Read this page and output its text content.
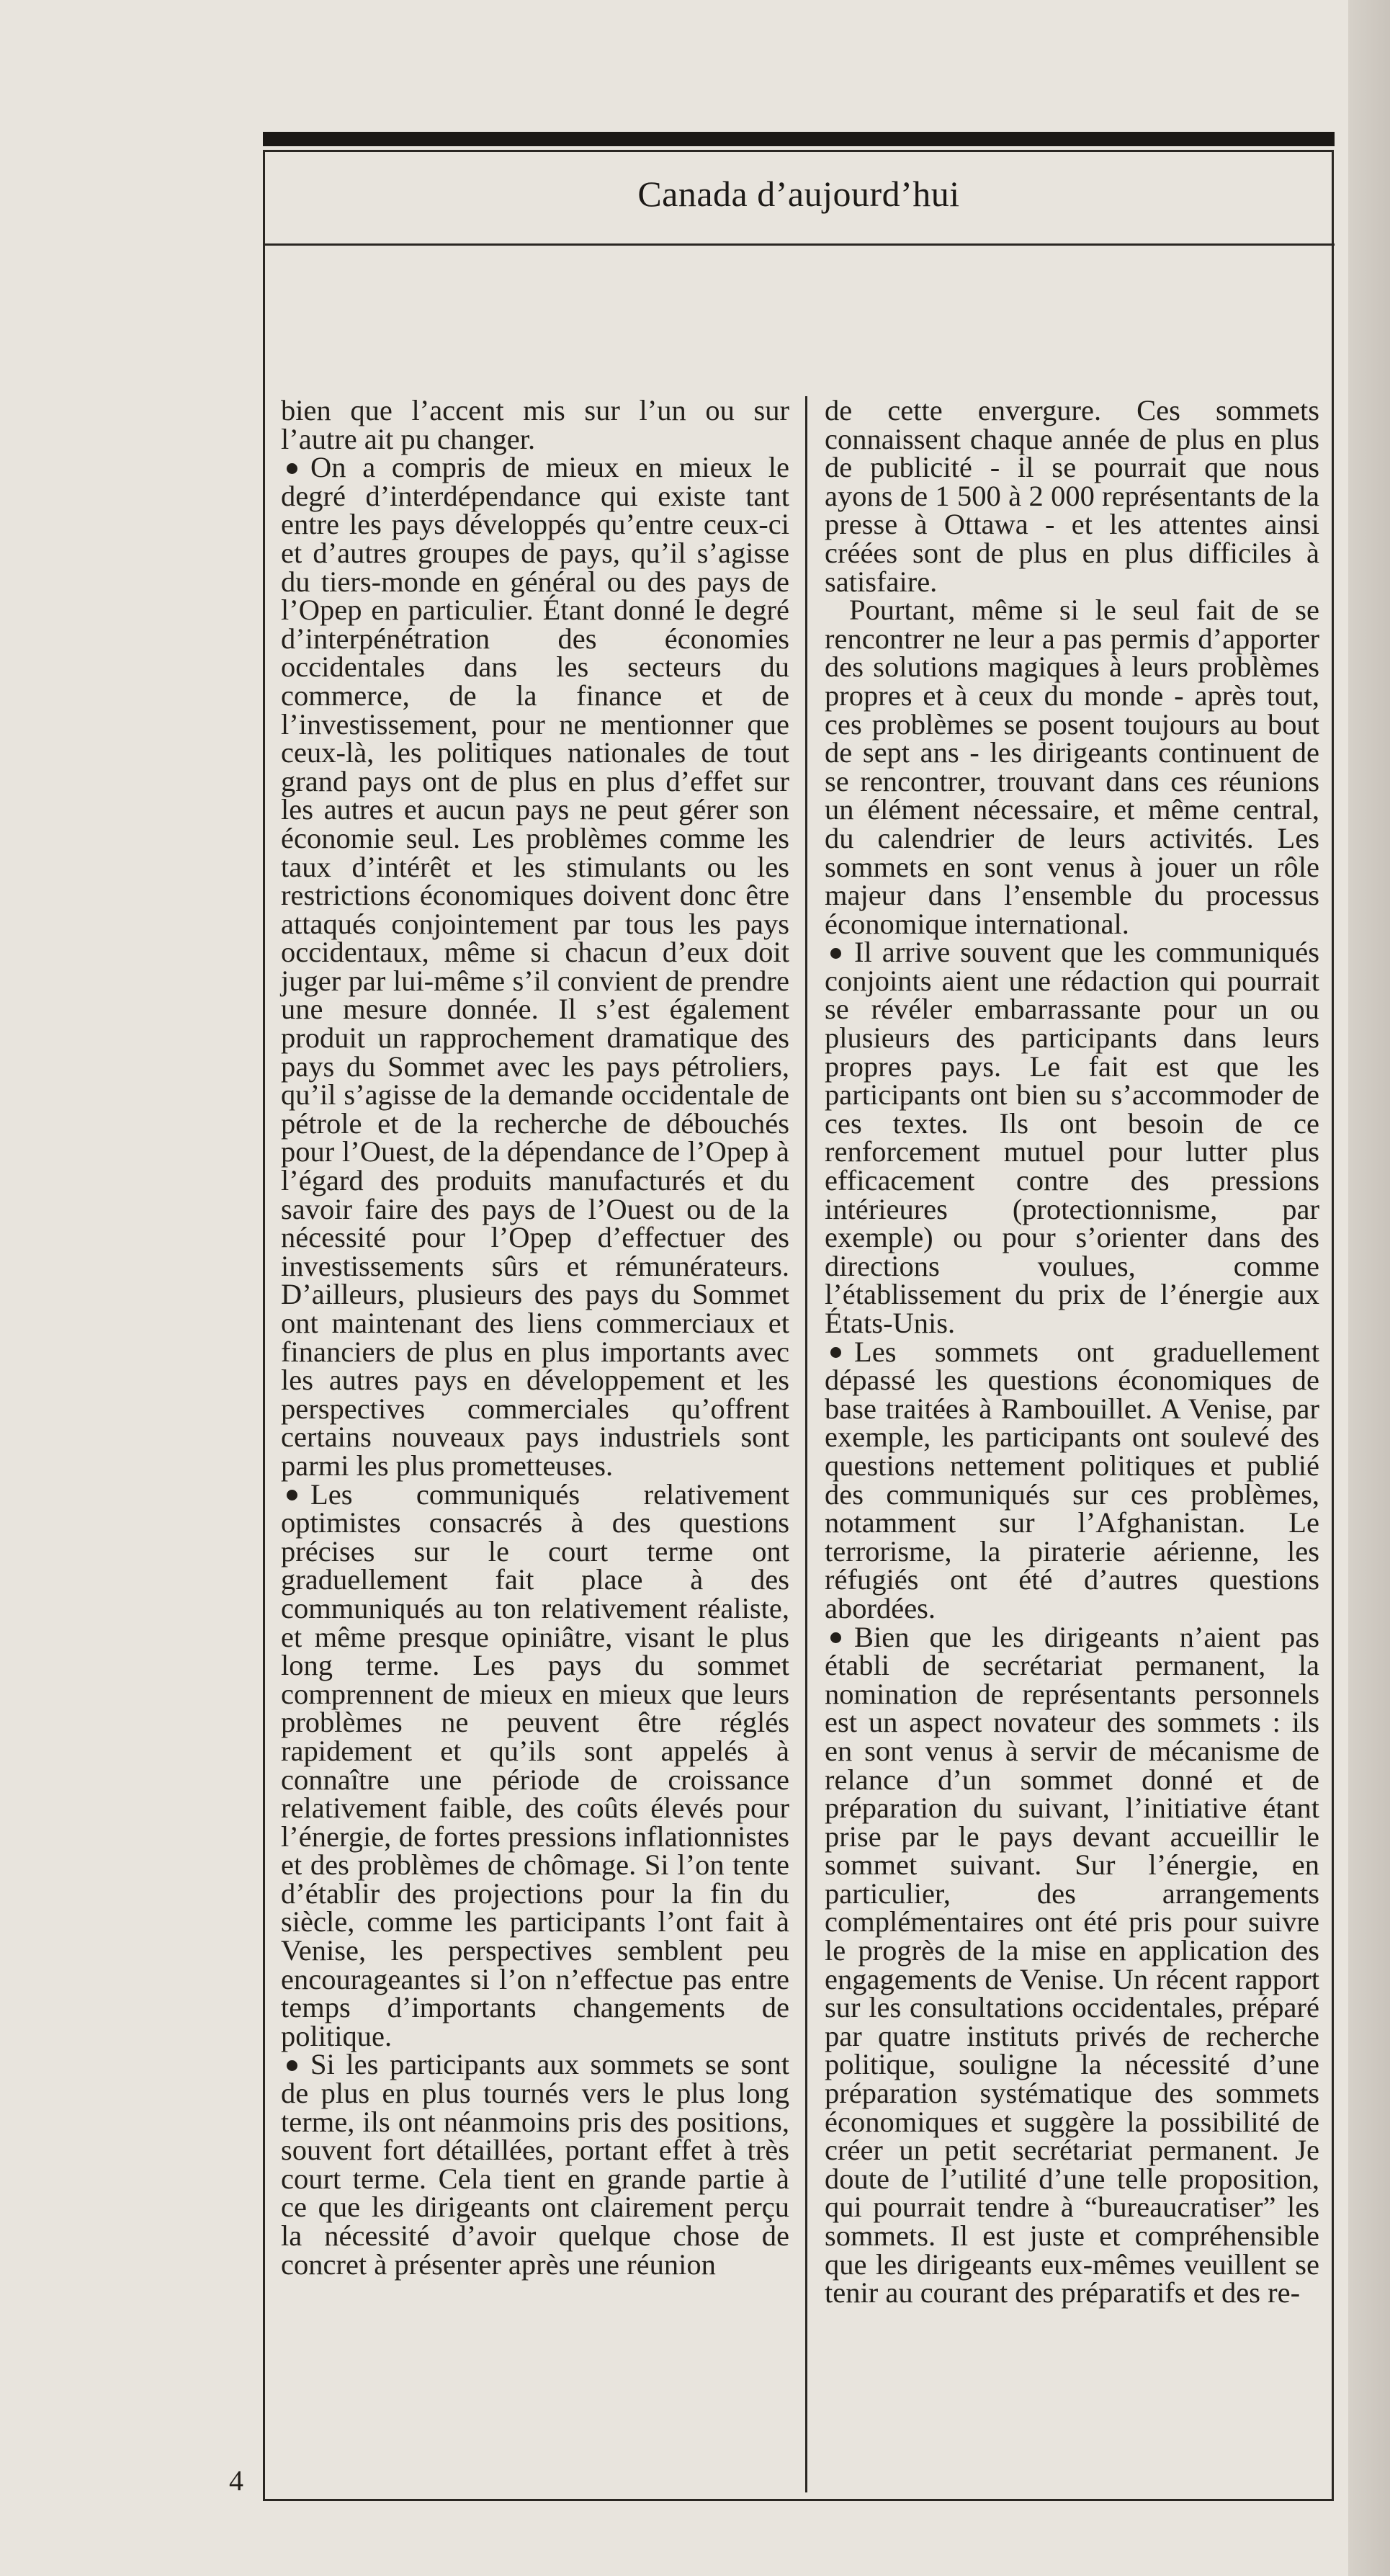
Canada d’aujourd’hui

bien que l’accent mis sur l’un ou sur l’autre ait pu changer.

On a compris de mieux en mieux le degré d’interdépendance qui existe tant entre les pays développés qu’entre ceux-ci et d’autres groupes de pays, qu’il s’agisse du tiers-monde en général ou des pays de l’Opep en particulier. Étant donné le degré d’interpénétration des économies occidentales dans les secteurs du commerce, de la finance et de l’investissement, pour ne mentionner que ceux-là, les politiques nationales de tout grand pays ont de plus en plus d’effet sur les autres et aucun pays ne peut gérer son économie seul. Les problèmes comme les taux d’intérêt et les stimulants ou les restrictions économiques doivent donc être attaqués conjointement par tous les pays occidentaux, même si chacun d’eux doit juger par lui-même s’il convient de prendre une mesure donnée. Il s’est également produit un rapprochement dramatique des pays du Sommet avec les pays pétroliers, qu’il s’agisse de la demande occidentale de pétrole et de la recherche de débouchés pour l’Ouest, de la dépendance de l’Opep à l’égard des produits manufacturés et du savoir faire des pays de l’Ouest ou de la nécessité pour l’Opep d’effectuer des investissements sûrs et rémunérateurs. D’ailleurs, plusieurs des pays du Sommet ont maintenant des liens commerciaux et financiers de plus en plus importants avec les autres pays en développement et les perspectives commerciales qu’offrent certains nouveaux pays industriels sont parmi les plus prometteuses.

Les communiqués relativement optimistes consacrés à des questions précises sur le court terme ont graduellement fait place à des communiqués au ton relativement réaliste, et même presque opiniâtre, visant le plus long terme. Les pays du sommet comprennent de mieux en mieux que leurs problèmes ne peuvent être réglés rapidement et qu’ils sont appelés à connaître une période de croissance relativement faible, des coûts élevés pour l’énergie, de fortes pressions inflationnistes et des problèmes de chômage. Si l’on tente d’établir des projections pour la fin du siècle, comme les participants l’ont fait à Venise, les perspectives semblent peu encourageantes si l’on n’effectue pas entre temps d’importants changements de politique.

Si les participants aux sommets se sont de plus en plus tournés vers le plus long terme, ils ont néanmoins pris des positions, souvent fort détaillées, portant effet à très court terme. Cela tient en grande partie à ce que les dirigeants ont clairement perçu la nécessité d’avoir quelque chose de concret à présenter après une réunion

de cette envergure. Ces sommets connaissent chaque année de plus en plus de publicité - il se pourrait que nous ayons de 1 500 à 2 000 représentants de la presse à Ottawa - et les attentes ainsi créées sont de plus en plus difficiles à satisfaire.

Pourtant, même si le seul fait de se rencontrer ne leur a pas permis d’apporter des solutions magiques à leurs problèmes propres et à ceux du monde - après tout, ces problèmes se posent toujours au bout de sept ans - les dirigeants continuent de se rencontrer, trouvant dans ces réunions un élément nécessaire, et même central, du calendrier de leurs activités. Les sommets en sont venus à jouer un rôle majeur dans l’ensemble du processus économique international.

Il arrive souvent que les communiqués conjoints aient une rédaction qui pourrait se révéler embarrassante pour un ou plusieurs des participants dans leurs propres pays. Le fait est que les participants ont bien su s’accommoder de ces textes. Ils ont besoin de ce renforcement mutuel pour lutter plus efficacement contre des pressions intérieures (protectionnisme, par exemple) ou pour s’orienter dans des directions voulues, comme l’établissement du prix de l’énergie aux États-Unis.

Les sommets ont graduellement dépassé les questions économiques de base traitées à Rambouillet. A Venise, par exemple, les participants ont soulevé des questions nettement politiques et publié des communiqués sur ces problèmes, notamment sur l’Afghanistan. Le terrorisme, la piraterie aérienne, les réfugiés ont été d’autres questions abordées.

Bien que les dirigeants n’aient pas établi de secrétariat permanent, la nomination de représentants personnels est un aspect novateur des sommets : ils en sont venus à servir de mécanisme de relance d’un sommet donné et de préparation du suivant, l’initiative étant prise par le pays devant accueillir le sommet suivant. Sur l’énergie, en particulier, des arrangements complémentaires ont été pris pour suivre le progrès de la mise en application des engagements de Venise. Un récent rapport sur les consultations occidentales, préparé par quatre instituts privés de recherche politique, souligne la nécessité d’une préparation systématique des sommets économiques et suggère la possibilité de créer un petit secrétariat permanent. Je doute de l’utilité d’une telle proposition, qui pourrait tendre à “bureaucratiser” les sommets. Il est juste et compréhensible que les dirigeants eux-mêmes veuillent se tenir au courant des préparatifs et des re-

4
